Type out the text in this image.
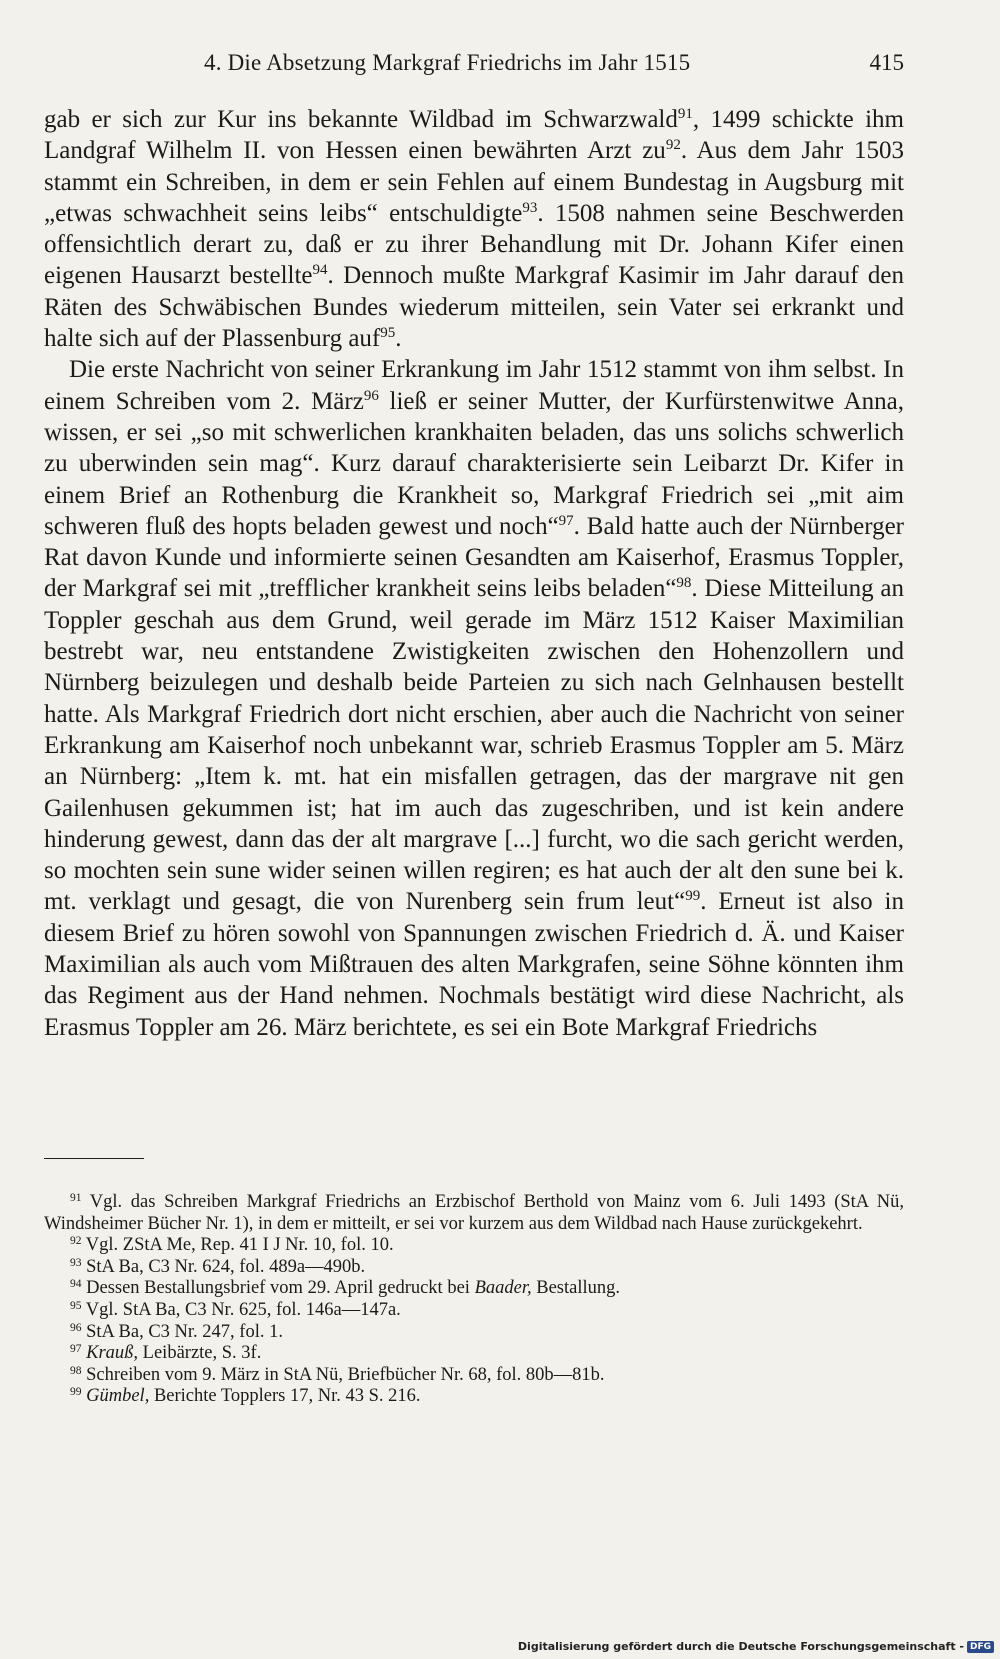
4. Die Absetzung Markgraf Friedrichs im Jahr 1515	415

gab er sich zur Kur ins bekannte Wildbad im Schwarzwald$^{91}$, 1499 schickte ihm Landgraf Wilhelm II. von Hessen einen bewährten Arzt $zu^{92}$. Aus dem Jahr 1503 stammt ein Schreiben, in dem er sein Fehlen auf einem Bundestag in Augsburg mit „etwas schwachheit seins leibs“ entschuldigte$^{93}$. 1508 nahmen seine Beschwerden offensichtlich derart zu, daß er zu ihrer Behandlung mit Dr. Johann Kifer einen eigenen Hausarzt bestellte$^{94}$. Dennoch mußte Markgraf Kasimir im Jahr darauf den Räten des Schwäbischen Bundes wiederum mitteilen, sein Vater sei erkrankt und halte sich auf der Plassenburg auf$^{95}$.

Die erste Nachricht von seiner Erkrankung im Jahr 1512 stammt von ihm selbst. In einem Schreiben vom 2. März$^{96}$ ließ er seiner Mutter, der Kurfürstenwitwe Anna, wissen, er sei „so mit schwerlichen krankhaiten beladen, das uns solichs schwerlich zu uberwinden sein mag“. Kurz darauf charakterisierte sein Leibarzt Dr. Kifer in einem Brief an Rothenburg die Krankheit so, Markgraf Friedrich sei „mit aim schweren fluß des hopts beladen gewest und noch“$^{97}$. Bald hatte auch der Nürnberger Rat davon Kunde und informierte seinen Gesandten am Kaiserhof, Erasmus Toppler, der Markgraf sei mit „trefflicher krankheit seins leibs beladen“$^{98}$. Diese Mitteilung an Toppler geschah aus dem Grund, weil gerade im März 1512 Kaiser Maximilian bestrebt war, neu entstandene Zwistigkeiten zwischen den Hohenzollern und Nürnberg beizulegen und deshalb beide Parteien zu sich nach Gelnhausen bestellt hatte. Als Markgraf Friedrich dort nicht erschien, aber auch die Nachricht von seiner Erkrankung am Kaiserhof noch unbekannt war, schrieb Erasmus Toppler am 5. März an Nürnberg: „Item k. mt. hat ein misfallen getragen, das der margrave nit gen Gailenhusen gekummen ist; hat im auch das zugeschriben, und ist kein andere hinderung gewest, dann das der alt margrave [...] furcht, wo die sach gericht werden, so mochten sein sune wider seinen willen regiren; es hat auch der alt den sune bei k. mt. verklagt und gesagt, die von Nurenberg sein frum leut“$^{99}$. Erneut ist also in diesem Brief zu hören sowohl von Spannungen zwischen Friedrich d. Ä. und Kaiser Maximilian als auch vom Mißtrauen des alten Markgrafen, seine Söhne könnten ihm das Regiment aus der Hand nehmen. Nochmals bestätigt wird diese Nachricht, als Erasmus Toppler am 26. März berichtete, es sei ein Bote Markgraf Friedrichs

$^{91}$ Vgl. das Schreiben Markgraf Friedrichs an Erzbischof Berthold von Mainz vom 6. Juli 1493 (StA Nü, Windsheimer Bücher Nr. 1), in dem er mitteilt, er sei vor kurzem aus dem Wildbad nach Hause zurückgekehrt.

$^{92}$ Vgl. ZStA Me, Rep. 41 I J Nr. 10, fol. 10.

$^{93}$ StA Ba, C3 Nr. 624, fol. 489a—490b.

$^{94}$ Dessen Bestallungsbrief vom 29. April gedruckt bei Baader, Bestallung.

$^{95}$ Vgl. StA Ba, C3 Nr. 625, fol. 146a—147a.

$^{96}$ StA Ba, C3 Nr. 247, fol. 1.

$^{97}$ Krauß, Leibärzte, S. 3f.

$^{98}$ Schreiben vom 9. März in StA Nü, Briefbücher Nr. 68, fol. 80b—81b.

$^{99}$ Gümbel, Berichte Topplers 17, Nr. 43 S. 216.

Digitalisierung gefördert durch die Deutsche Forschungsgemeinschaft - DFG
